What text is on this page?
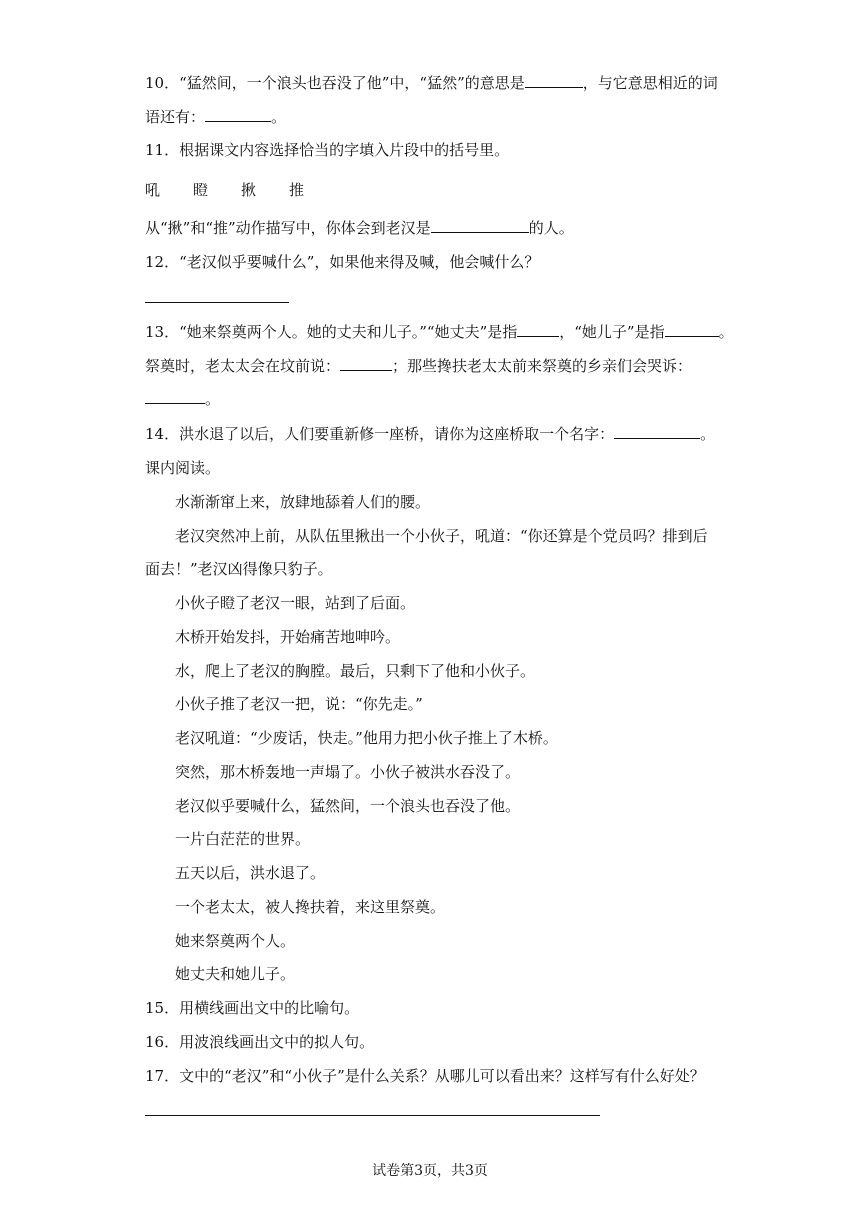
10．“猛然间，一个浪头也吞没了他”中，“猛然”的意思是	，与它意思相近的词
语还有：	。
11．根据课文内容选择恰当的字填入片段中的括号里。
吼 瞪 揪 推
从“揪”和“推”动作描写中，你体会到老汉是	的人。
12．“老汉似乎要喊什么”，如果他来得及喊，他会喊什么？
13．“她来祭奠两个人。她的丈夫和儿子。”“她丈夫”是指	，“她儿子”是指	。
祭奠时，老太太会在坟前说：	；那些搀扶老太太前来祭奠的乡亲们会哭诉：
。
14．洪水退了以后，人们要重新修一座桥，请你为这座桥取一个名字：	。
课内阅读。
水渐渐窜上来，放肆地舔着人们的腰。
老汉突然冲上前，从队伍里揪出一个小伙子，吼道：“你还算是个党员吗？排到后
面去！”老汉凶得像只豹子。
小伙子瞪了老汉一眼，站到了后面。
木桥开始发抖，开始痛苦地呻吟。
水，爬上了老汉的胸膛。最后，只剩下了他和小伙子。
小伙子推了老汉一把，说：“你先走。”
老汉吼道：“少废话，快走。”他用力把小伙子推上了木桥。
突然，那木桥轰地一声塌了。小伙子被洪水吞没了。
老汉似乎要喊什么，猛然间，一个浪头也吞没了他。
一片白茫茫的世界。
五天以后，洪水退了。
一个老太太，被人搀扶着，来这里祭奠。
她来祭奠两个人。
她丈夫和她儿子。
15．用横线画出文中的比喻句。
16．用波浪线画出文中的拟人句。
17．文中的“老汉”和“小伙子”是什么关系？从哪儿可以看出来？这样写有什么好处？
试卷第3页，共3页
